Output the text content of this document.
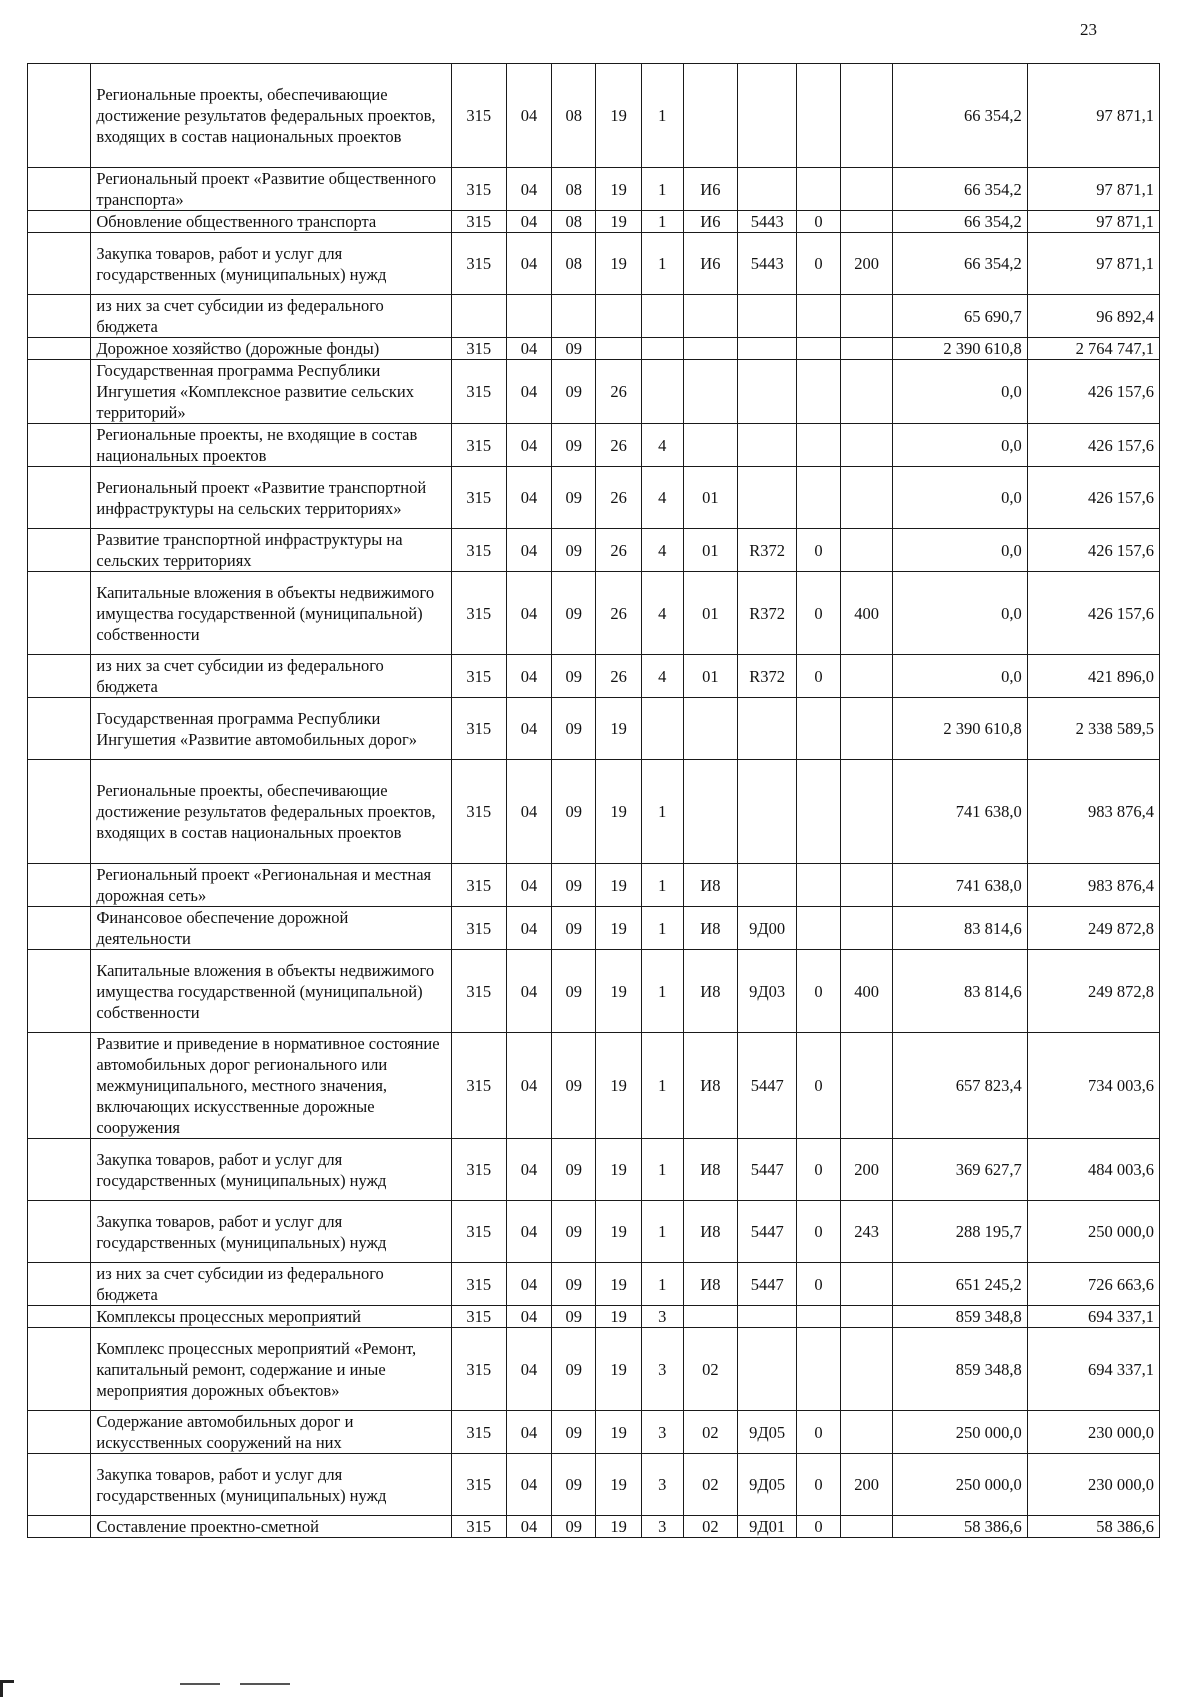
23
	Региональные проекты, обеспечивающие достижение результатов федеральных проектов, входящих в состав национальных проектов	315	04	08	19	1					66 354,2	97 871,1
	Региональный проект «Развитие общественного транспорта»	315	04	08	19	1	И6				66 354,2	97 871,1
	Обновление общественного транспорта	315	04	08	19	1	И6	5443	0		66 354,2	97 871,1
	Закупка товаров, работ и услуг для государственных (муниципальных) нужд	315	04	08	19	1	И6	5443	0	200	66 354,2	97 871,1
	из них за счет субсидии из федерального бюджета										65 690,7	96 892,4
	Дорожное хозяйство (дорожные фонды)	315	04	09							2 390 610,8	2 764 747,1
	Государственная программа Республики Ингушетия «Комплексное развитие сельских территорий»	315	04	09	26						0,0	426 157,6
	Региональные проекты, не входящие в состав национальных проектов	315	04	09	26	4					0,0	426 157,6
	Региональный проект «Развитие транспортной инфраструктуры на сельских территориях»	315	04	09	26	4	01				0,0	426 157,6
	Развитие транспортной инфраструктуры на сельских территориях	315	04	09	26	4	01	R372	0		0,0	426 157,6
	Капитальные вложения в объекты недвижимого имущества государственной (муниципальной) собственности	315	04	09	26	4	01	R372	0	400	0,0	426 157,6
	из них за счет субсидии из федерального бюджета	315	04	09	26	4	01	R372	0		0,0	421 896,0
	Государственная программа Республики Ингушетия «Развитие автомобильных дорог»	315	04	09	19						2 390 610,8	2 338 589,5
	Региональные проекты, обеспечивающие достижение результатов федеральных проектов, входящих в состав национальных проектов	315	04	09	19	1					741 638,0	983 876,4
	Региональный проект «Региональная и местная дорожная сеть»	315	04	09	19	1	И8				741 638,0	983 876,4
	Финансовое обеспечение дорожной деятельности	315	04	09	19	1	И8	9Д00			83 814,6	249 872,8
	Капитальные вложения в объекты недвижимого имущества государственной (муниципальной) собственности	315	04	09	19	1	И8	9Д03	0	400	83 814,6	249 872,8
	Развитие и приведение в нормативное состояние автомобильных дорог регионального или межмуниципального, местного значения, включающих искусственные дорожные сооружения	315	04	09	19	1	И8	5447	0		657 823,4	734 003,6
	Закупка товаров, работ и услуг для государственных (муниципальных) нужд	315	04	09	19	1	И8	5447	0	200	369 627,7	484 003,6
	Закупка товаров, работ и услуг для государственных (муниципальных) нужд	315	04	09	19	1	И8	5447	0	243	288 195,7	250 000,0
	из них за счет субсидии из федерального бюджета	315	04	09	19	1	И8	5447	0		651 245,2	726 663,6
	Комплексы процессных мероприятий	315	04	09	19	3					859 348,8	694 337,1
	Комплекс процессных мероприятий «Ремонт, капитальный ремонт, содержание и иные мероприятия дорожных объектов»	315	04	09	19	3	02				859 348,8	694 337,1
	Содержание автомобильных дорог и искусственных сооружений на них	315	04	09	19	3	02	9Д05	0		250 000,0	230 000,0
	Закупка товаров, работ и услуг для государственных (муниципальных) нужд	315	04	09	19	3	02	9Д05	0	200	250 000,0	230 000,0
	Составление проектно-сметной	315	04	09	19	3	02	9Д01	0		58 386,6	58 386,6
